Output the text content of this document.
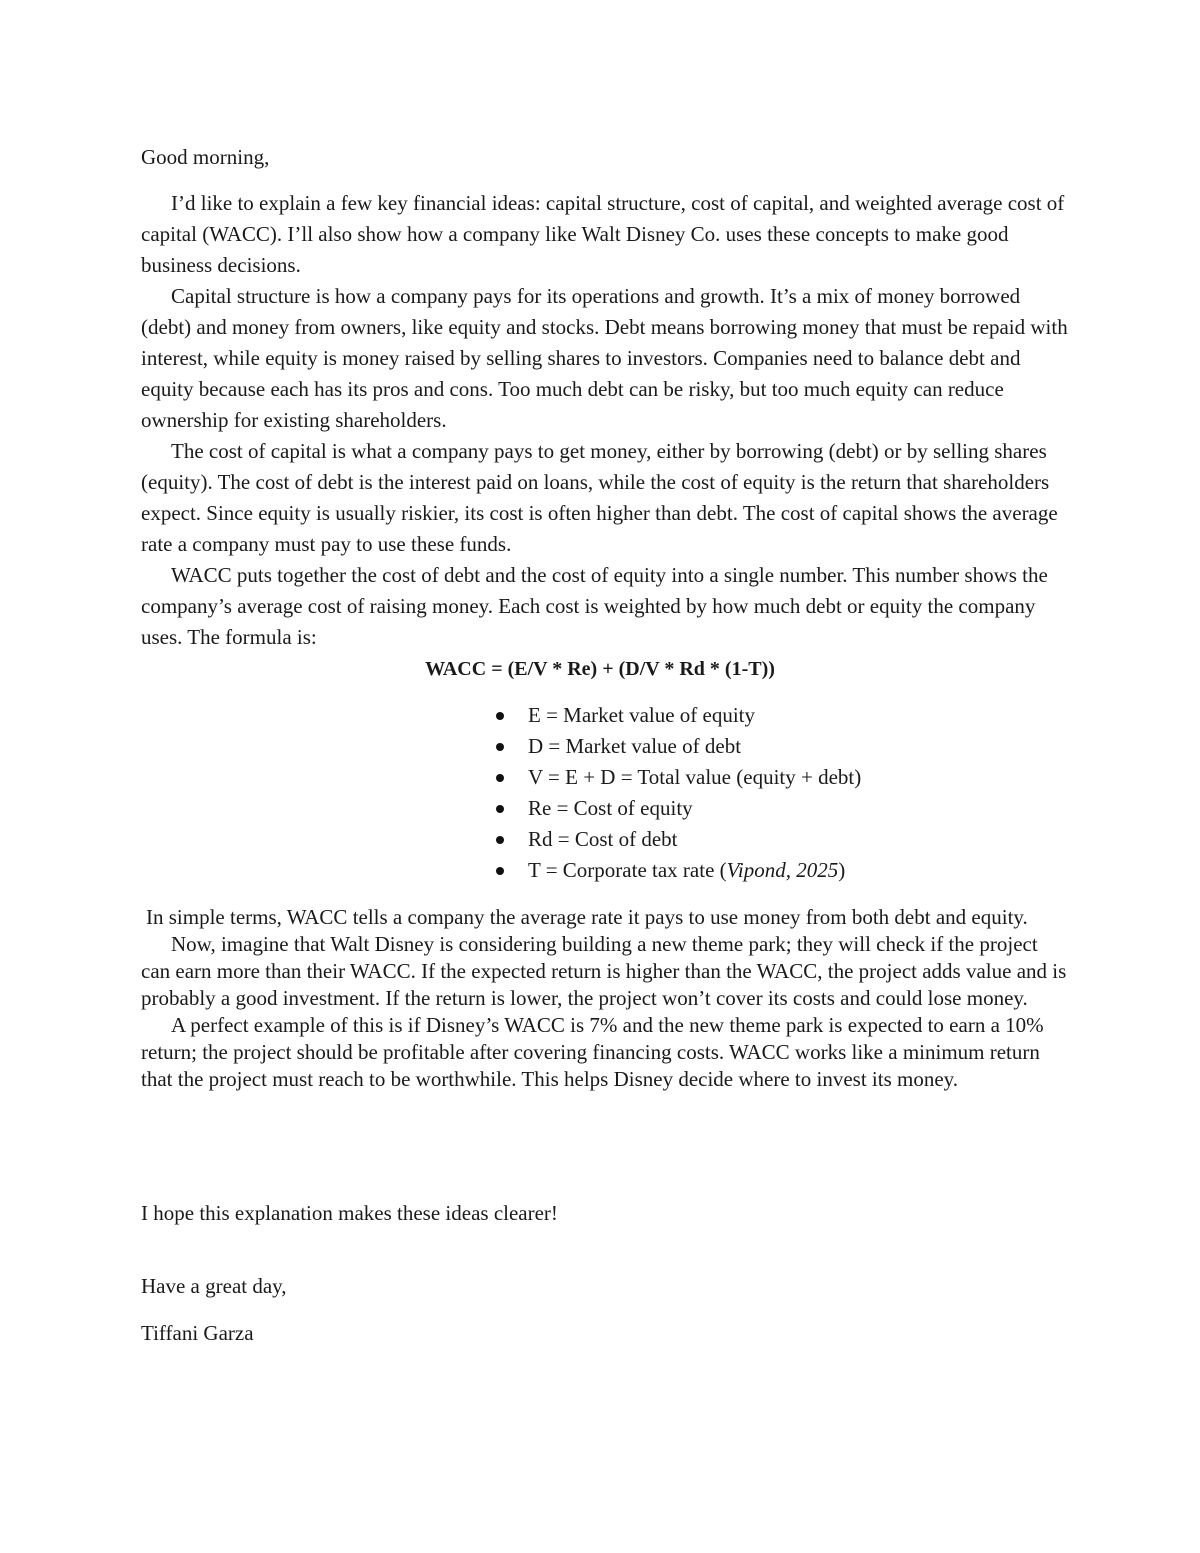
Good morning,

I’d like to explain a few key financial ideas: capital structure, cost of capital, and weighted average cost of capital (WACC). I’ll also show how a company like Walt Disney Co. uses these concepts to make good business decisions.

Capital structure is how a company pays for its operations and growth. It’s a mix of money borrowed (debt) and money from owners, like equity and stocks. Debt means borrowing money that must be repaid with interest, while equity is money raised by selling shares to investors. Companies need to balance debt and equity because each has its pros and cons. Too much debt can be risky, but too much equity can reduce ownership for existing shareholders.

The cost of capital is what a company pays to get money, either by borrowing (debt) or by selling shares (equity). The cost of debt is the interest paid on loans, while the cost of equity is the return that shareholders expect. Since equity is usually riskier, its cost is often higher than debt. The cost of capital shows the average rate a company must pay to use these funds.

WACC puts together the cost of debt and the cost of equity into a single number. This number shows the company’s average cost of raising money. Each cost is weighted by how much debt or equity the company uses. The formula is:

WACC = (E/V * Re) + (D/V * Rd * (1-T))

E = Market value of equity
D = Market value of debt
V = E + D = Total value (equity + debt)
Re = Cost of equity
Rd = Cost of debt
T = Corporate tax rate (Vipond, 2025)

In simple terms, WACC tells a company the average rate it pays to use money from both debt and equity.

Now, imagine that Walt Disney is considering building a new theme park; they will check if the project can earn more than their WACC. If the expected return is higher than the WACC, the project adds value and is probably a good investment. If the return is lower, the project won’t cover its costs and could lose money.

A perfect example of this is if Disney’s WACC is 7% and the new theme park is expected to earn a 10% return; the project should be profitable after covering financing costs. WACC works like a minimum return that the project must reach to be worthwhile. This helps Disney decide where to invest its money.

I hope this explanation makes these ideas clearer!

Have a great day,

Tiffani Garza
